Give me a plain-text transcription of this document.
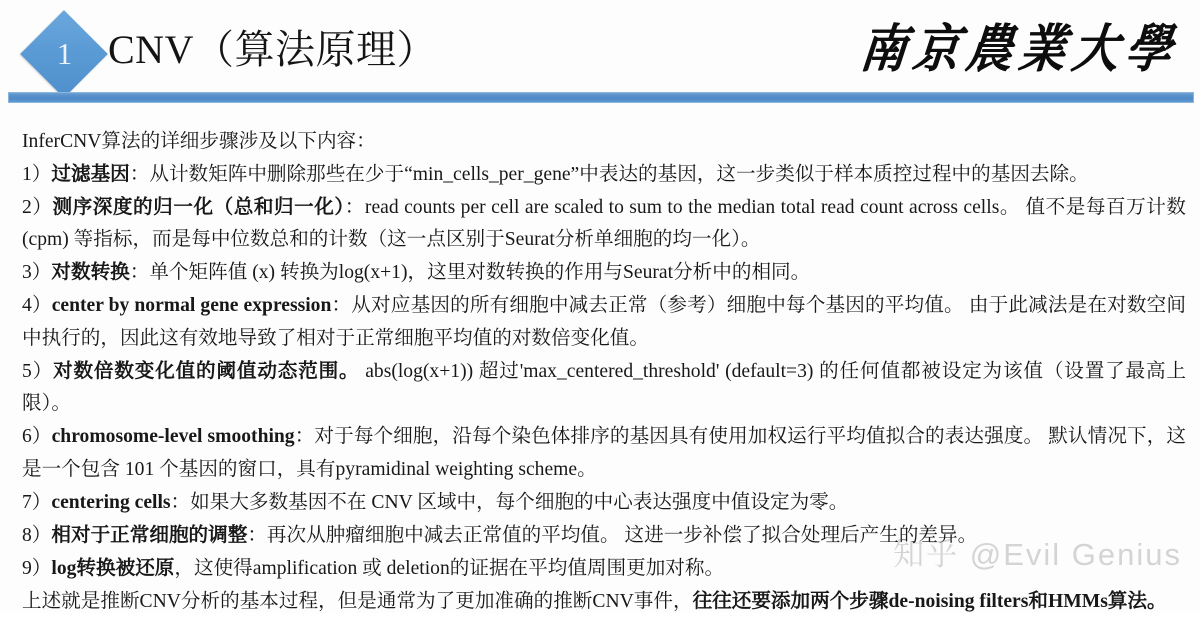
1 CNV（算法原理）	南京農業大學

InferCNV算法的详细步骤涉及以下内容：

1）过滤基因：从计数矩阵中删除那些在少于“min_cells_per_gene”中表达的基因，这一步类似于样本质控过程中的基因去除。

2）测序深度的归一化（总和归一化）：read counts per cell are scaled to sum to the median total read count across cells。 值不是每百万计数 (cpm) 等指标，而是每中位数总和的计数（这一点区别于Seurat分析单细胞的均一化）。

3）对数转换：单个矩阵值 (x) 转换为log(x+1)，这里对数转换的作用与Seurat分析中的相同。

4）center by normal gene expression：从对应基因的所有细胞中减去正常（参考）细胞中每个基因的平均值。 由于此减法是在对数空间中执行的，因此这有效地导致了相对于正常细胞平均值的对数倍变化值。

5）对数倍数变化值的阈值动态范围。 abs(log(x+1)) 超过'max_centered_threshold' (default=3) 的任何值都被设定为该值（设置了最高上限）。

6）chromosome-level smoothing：对于每个细胞，沿每个染色体排序的基因具有使用加权运行平均值拟合的表达强度。 默认情况下，这是一个包含 101 个基因的窗口，具有pyramidinal weighting scheme。

7）centering cells：如果大多数基因不在 CNV 区域中，每个细胞的中心表达强度中值设定为零。

8）相对于正常细胞的调整：再次从肿瘤细胞中减去正常值的平均值。 这进一步补偿了拟合处理后产生的差异。

9）log转换被还原，这使得amplification 或 deletion的证据在平均值周围更加对称。

上述就是推断CNV分析的基本过程，但是通常为了更加准确的推断CNV事件，往往还要添加两个步骤de-noising filters和HMMs算法。

知乎 @Evil Genius
